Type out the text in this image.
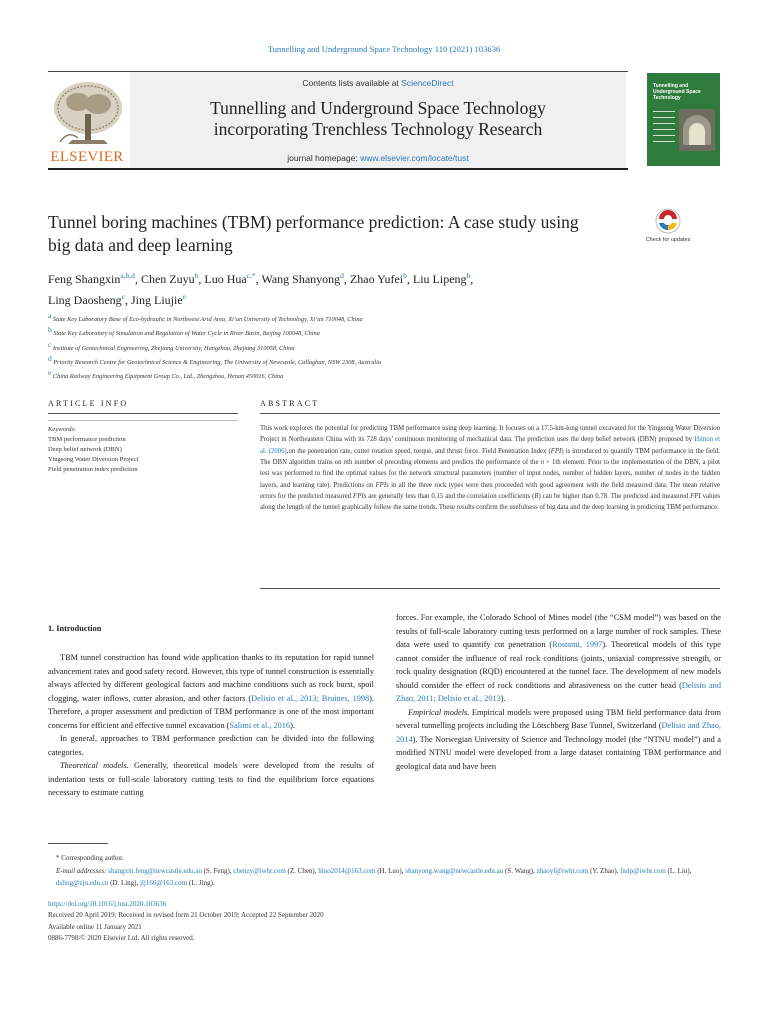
Tunnelling and Underground Space Technology 110 (2021) 103636
ELSEVIER
Contents lists available at ScienceDirect
Tunnelling and Underground Space Technology
incorporating Trenchless Technology Research
journal homepage: www.elsevier.com/locate/tust
Tunnelling and Underground Space Technology
Tunnel boring machines (TBM) performance prediction: A case study using
big data and deep learning	Check for updates
Feng Shangxin$^{a,b,d}$, Chen Zuyu$^b$, Luo Hua$^{c,*}$, Wang Shanyong$^d$, Zhao Yufei$^b$, Liu Lipeng$^b$,
Ling Daosheng$^c$, Jing Liujie$^e$
$^a$ State Key Laboratory Base of Eco-hydraulic in Northwest Arid Area, Xi’an University of Technology, Xi’an 710048, China
$^b$ State Key Laboratory of Simulation and Regulation of Water Cycle in River Basin, Beijing 100048, China
$^c$ Institute of Geotechnical Engineering, Zhejiang University, Hangzhou, Zhejiang 310058, China
$^d$ Priority Research Centre for Geotechnical Science & Engineering, The University of Newcastle, Callaghan, NSW 2308, Australia
$^e$ China Railway Engineering Equipment Group Co., Ltd., Zhengzhou, Henan 450016, China
ARTICLE INFO
Keywords:
TBM performance prediction
Deep belief network (DBN)
Yingsong Water Diversion Project
Field penetration index prediction
ABSTRACT
This work explores the potential for predicting TBM performance using deep learning. It focuses on a 17.5-km-long tunnel excavated for the Yingsong Water Diversion Project in Northeastern China with its 728 days’ continuous monitoring of mechanical data. The prediction uses the deep belief network (DBN) proposed by Hinton et al. (2006),on the penetration rate, cutter rotation speed, torque, and thrust force. Field Penetration Index (FPI) is introduced to quantify TBM performance in the field. The DBN algorithm trains on nth number of preceding elements and predicts the performance of the n + 1th element. Prior to the implementation of the DBN, a pilot test was performed to find the optimal values for the network structural parameters (number of input nodes, number of hidden layers, number of nodes in the hidden layers, and learning rate). Predictions on FPIs in all the three rock types were then proceeded with good agreement with the field measured data. The mean relative errors for the predicted measured FPIs are generally less than 0.15 and the correlation coefficients (R) can be higher than 0.78. The predicted and measured FPI values along the length of the tunnel graphically follow the same trends. These results confirm the usefulness of big data and the deep learning in predicting TBM performance.
1. Introduction

TBM tunnel construction has found wide application thanks to its reputation for rapid tunnel advancement rates and good safety record. However, this type of tunnel construction is essentially always affected by different geological factors and machine conditions such as rock burst, spoil clogging, water inflows, cutter abrasion, and other factors (Delisio et al., 2013; Bruines, 1998). Therefore, a proper assessment and prediction of TBM performance is one of the most important concerns for efficient and effective tunnel excavation (Salimi et al., 2016).

In general, approaches to TBM performance prediction can be divided into the following categories.

Theoretical models. Generally, theoretical models were developed from the results of indentation tests or full-scale laboratory cutting tests to find the equilibrium force equations necessary to estimate cutting

forces. For example, the Colorado School of Mines model (the “CSM model”) was based on the results of full-scale laboratory cutting tests performed on a large number of rock samples. These data were used to quantify cut penetration (Rostami, 1997). Theoretical models of this type cannot consider the influence of real rock conditions (joints, uniaxial compressive strength, or rock quality designation (RQD) encountered at the tunnel face. The development of new models should consider the effect of rock conditions and abrasiveness on the cutter head (Delisio and Zhao, 2011; Delisio et al., 2013).

Empirical models. Empirical models were proposed using TBM field performance data from several tunnelling projects including the Lötschberg Base Tunnel, Switzerland (Delisio and Zhao, 2014). The Norwegian University of Science and Technology model (the “NTNU model”) and a modified NTNU model were developed from a large dataset containing TBM performance and geological data and have been

* Corresponding author.
E-mail addresses: shangxin.feng@newcastle.edu.au (S. Feng), chenzy@iwhr.com (Z. Chen), hluo2014@163.com (H. Luo), shanyong.wang@newcastle.edu.au (S. Wang), zhaoyf@iwhr.com (Y. Zhao), liulp@iwhr.com (L. Liu), dsling@zju.edu.cn (D. Ling), jlj166@163.com (L. Jing).
https://doi.org/10.1016/j.tust.2020.103636
Received 20 April 2019; Received in revised form 21 October 2019; Accepted 22 September 2020
Available online 11 January 2021
0886-7798/© 2020 Elsevier Ltd. All rights reserved.
